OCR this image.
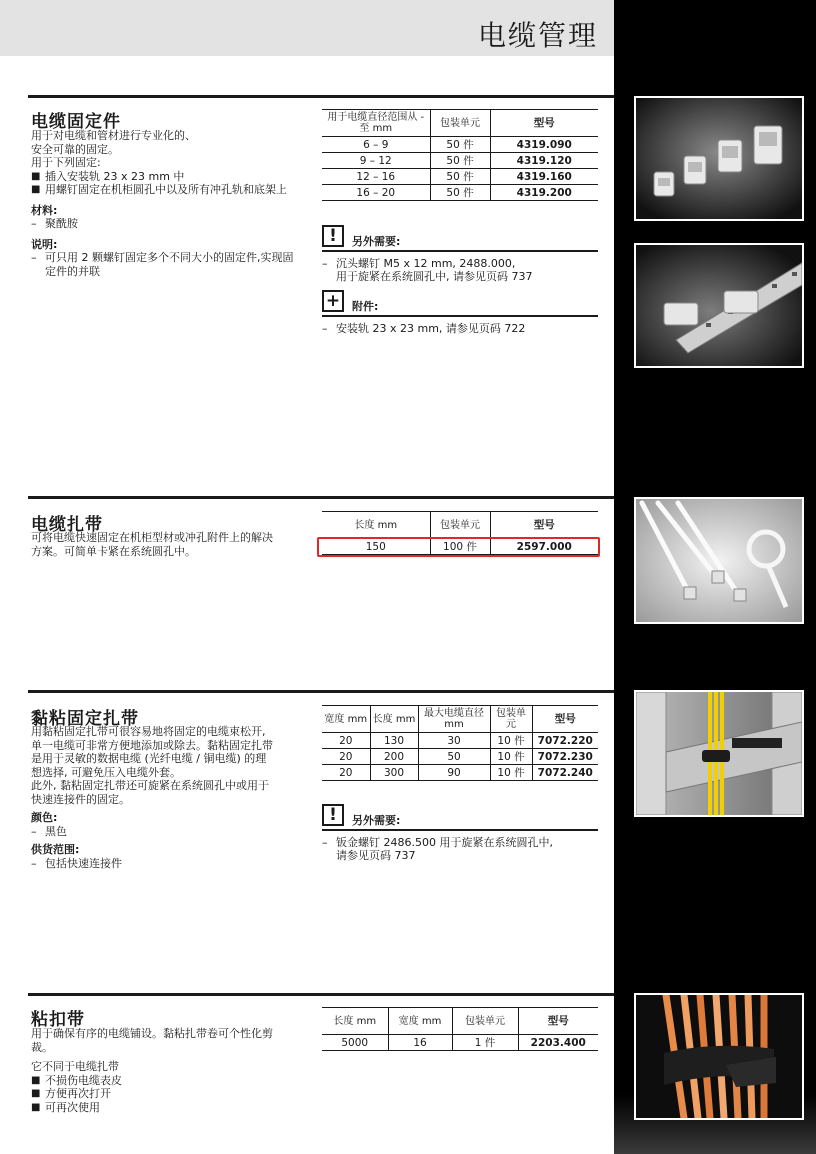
电缆管理
电缆固定件

用于对电缆和管材进行专业化的、

安全可靠的固定。

用于下列固定:

■ 插入安装轨 23 x 23 mm 中
■ 用螺钉固定在机柜圆孔中以及所有冲孔轨和底架上

材料:

– 聚酰胺

说明:

– 可只用 2 颗螺钉固定多个不同大小的固定件,实现固定件的并联
用于电缆直径范围从 - 至 mm	包装单元	型号
6 – 9	50 件	4319.090
9 – 12	50 件	4319.120
12 – 16	50 件	4319.160
16 – 20	50 件	4319.200
!	另外需要:
– 沉头螺钉 M5 x 12 mm, 2488.000,
用于旋紧在系统圆孔中, 请参见页码 737
+	附件:
– 安装轨 23 x 23 mm, 请参见页码 722
电缆扎带

可将电缆快速固定在机柜型材或冲孔附件上的解决

方案。可简单卡紧在系统圆孔中。

长度 mm	包装单元	型号
150	100 件	2597.000
黏粘固定扎带

用黏粘固定扎带可很容易地将固定的电缆束松开,

单一电缆可非常方便地添加或除去。黏粘固定扎带

是用于灵敏的数据电缆 (光纤电缆 / 铜电缆) 的理

想选择, 可避免压入电缆外套。

此外, 黏粘固定扎带还可旋紧在系统圆孔中或用于

快速连接件的固定。

颜色:

– 黑色

供货范围:

– 包括快速连接件
宽度 mm	长度 mm	最大电缆直径 mm	包装单元	型号
20	130	30	10 件	7072.220
20	200	50	10 件	7072.230
20	300	90	10 件	7072.240
!	另外需要:
– 钣金螺钉 2486.500 用于旋紧在系统圆孔中,
请参见页码 737
粘扣带

用于确保有序的电缆铺设。黏粘扎带卷可个性化剪

裁。

它不同于电缆扎带

■ 不损伤电缆表皮
■ 方便再次打开
■ 可再次使用
长度 mm	宽度 mm	包装单元	型号
5000	16	1 件	2203.400
